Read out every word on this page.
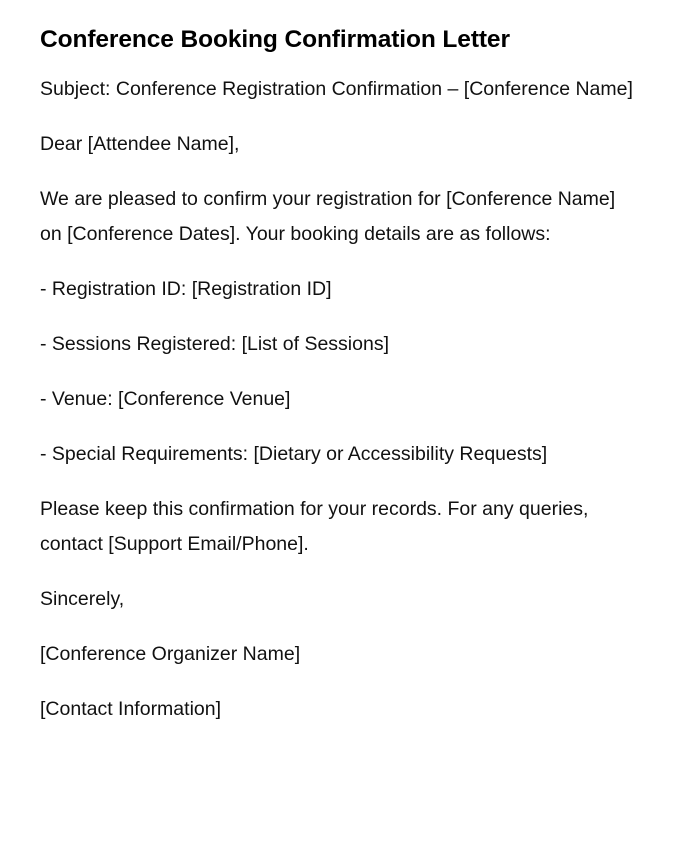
Conference Booking Confirmation Letter

Subject: Conference Registration Confirmation – [Conference Name]

Dear [Attendee Name],

We are pleased to confirm your registration for [Conference Name] on [Conference Dates]. Your booking details are as follows:

- Registration ID: [Registration ID]

- Sessions Registered: [List of Sessions]

- Venue: [Conference Venue]

- Special Requirements: [Dietary or Accessibility Requests]

Please keep this confirmation for your records. For any queries, contact [Support Email/Phone].

Sincerely,

[Conference Organizer Name]

[Contact Information]
